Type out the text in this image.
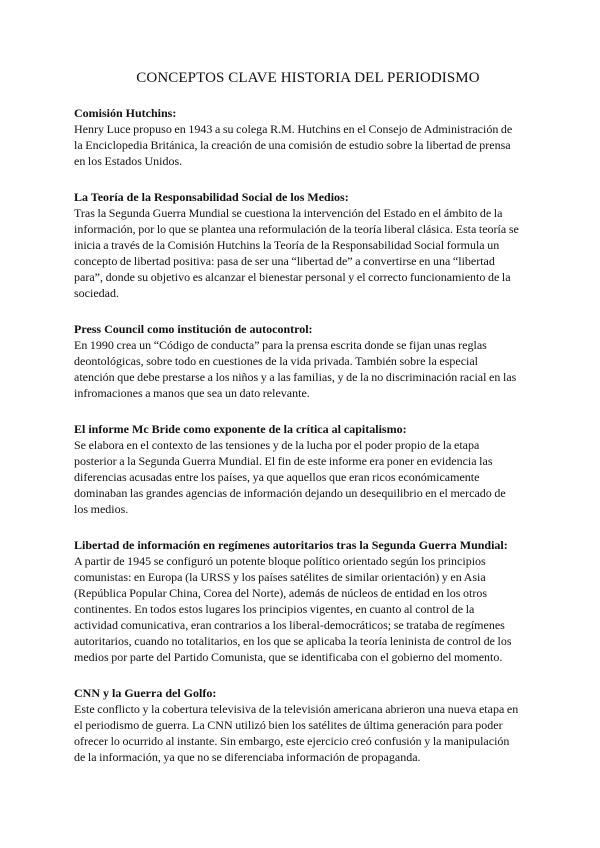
CONCEPTOS CLAVE HISTORIA DEL PERIODISMO

Comisión Hutchins:

Henry Luce propuso en 1943 a su colega R.M. Hutchins en el Consejo de Administración de
la Enciclopedia Británica, la creación de una comisión de estudio sobre la libertad de prensa
en los Estados Unidos.

La Teoría de la Responsabilidad Social de los Medios:

Tras la Segunda Guerra Mundial se cuestiona la intervención del Estado en el ámbito de la
información, por lo que se plantea una reformulación de la teoría liberal clásica. Esta teoría se
inicia a través de la Comisión Hutchins la Teoría de la Responsabilidad Social formula un
concepto de libertad positiva: pasa de ser una “libertad de” a convertirse en una “libertad
para”, donde su objetivo es alcanzar el bienestar personal y el correcto funcionamiento de la
sociedad.

Press Council como institución de autocontrol:

En 1990 crea un “Código de conducta” para la prensa escrita donde se fijan unas reglas
deontológicas, sobre todo en cuestiones de la vida privada. También sobre la especial
atención que debe prestarse a los niños y a las familias, y de la no discriminación racial en las
infromaciones a manos que sea un dato relevante.

El informe Mc Bride como exponente de la crítica al capitalismo:

Se elabora en el contexto de las tensiones y de la lucha por el poder propio de la etapa
posterior a la Segunda Guerra Mundial. El fin de este informe era poner en evidencia las
diferencias acusadas entre los países, ya que aquellos que eran ricos económicamente
dominaban las grandes agencias de información dejando un desequilibrio en el mercado de
los medios.

Libertad de información en regímenes autoritarios tras la Segunda Guerra Mundial:

A partir de 1945 se configuró un potente bloque político orientado según los principios
comunistas: en Europa (la URSS y los países satélites de similar orientación) y en Asia
(República Popular China, Corea del Norte), además de núcleos de entidad en los otros
continentes. En todos estos lugares los principios vigentes, en cuanto al control de la
actividad comunicativa, eran contrarios a los liberal-democráticos; se trataba de regímenes
autoritarios, cuando no totalitarios, en los que se aplicaba la teoría leninista de control de los
medios por parte del Partido Comunista, que se identificaba con el gobierno del momento.

CNN y la Guerra del Golfo:

Este conflicto y la cobertura televisiva de la televisión americana abrieron una nueva etapa en
el periodismo de guerra. La CNN utilizó bien los satélites de última generación para poder
ofrecer lo ocurrido al instante. Sin embargo, este ejercicio creó confusión y la manipulación
de la información, ya que no se diferenciaba información de propaganda.
